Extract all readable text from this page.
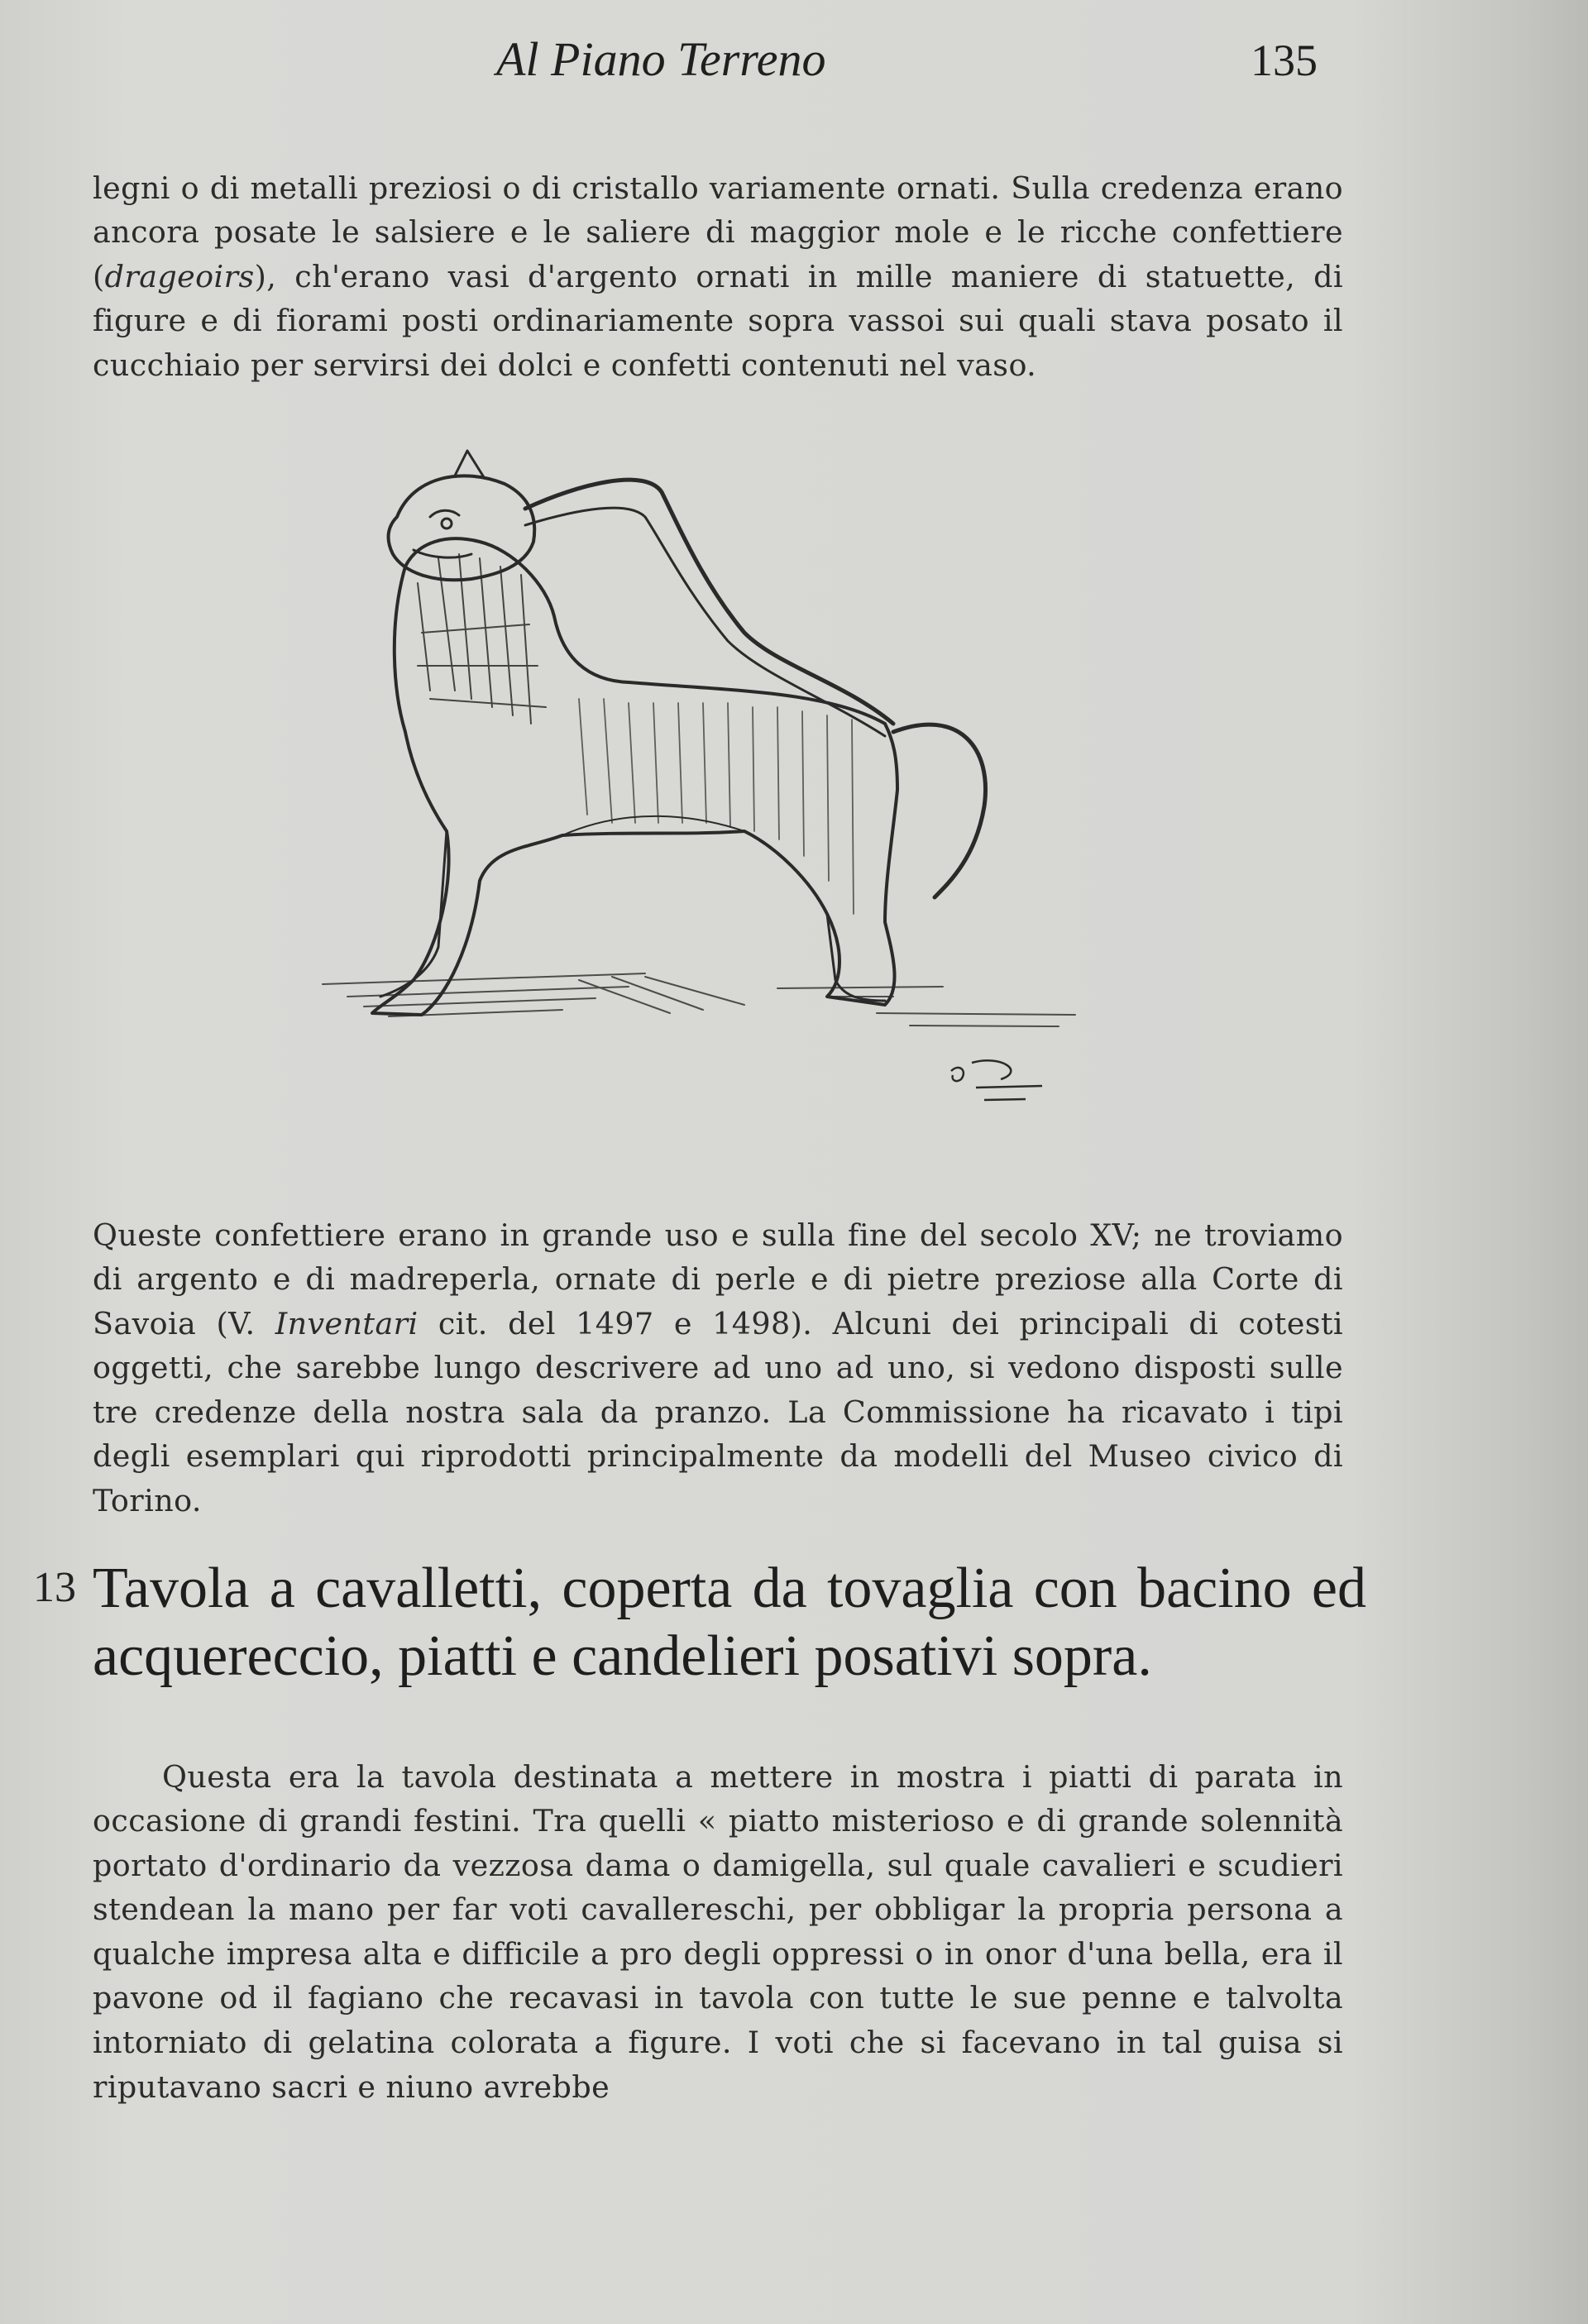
Al Piano Terreno	135

legni o di metalli preziosi o di cristallo variamente ornati. Sulla credenza erano ancora posate le salsiere e le saliere di maggior mole e le ricche confettiere (drageoirs), ch'erano vasi d'argento ornati in mille maniere di statuette, di figure e di fiorami posti ordinariamente sopra vassoi sui quali stava posato il cucchiaio per servirsi dei dolci e confetti contenuti nel vaso.

Queste confettiere erano in grande uso e sulla fine del secolo XV; ne troviamo di argento e di madreperla, ornate di perle e di pietre preziose alla Corte di Savoia (V. Inventari cit. del 1497 e 1498). Alcuni dei principali di cotesti oggetti, che sarebbe lungo descrivere ad uno ad uno, si vedono disposti sulle tre credenze della nostra sala da pranzo. La Commissione ha ricavato i tipi degli esemplari qui riprodotti principalmente da modelli del Museo civico di Torino.

13 Tavola a cavalletti, coperta da tovaglia con bacino ed acquereccio, piatti e candelieri posativi sopra.

Questa era la tavola destinata a mettere in mostra i piatti di parata in occasione di grandi festini. Tra quelli « piatto misterioso e di grande solennità portato d'ordinario da vezzosa dama o damigella, sul quale cavalieri e scudieri stendean la mano per far voti cavallereschi, per obbligar la propria persona a qualche impresa alta e difficile a pro degli oppressi o in onor d'una bella, era il pavone od il fagiano che recavasi in tavola con tutte le sue penne e talvolta intorniato di gelatina colorata a figure. I voti che si facevano in tal guisa si riputavano sacri e niuno avrebbe
